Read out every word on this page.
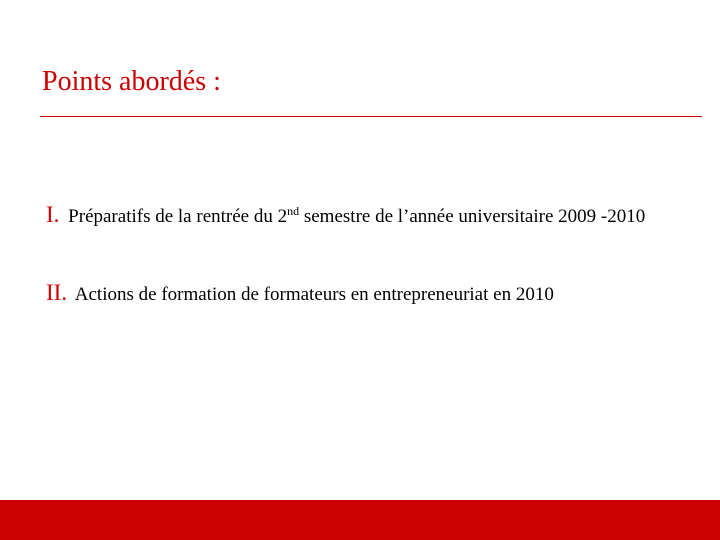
Points abordés :
I. Préparatifs de la rentrée du 2nd semestre de l’année universitaire 2009 -2010
II. Actions de formation de formateurs en entrepreneuriat en 2010
